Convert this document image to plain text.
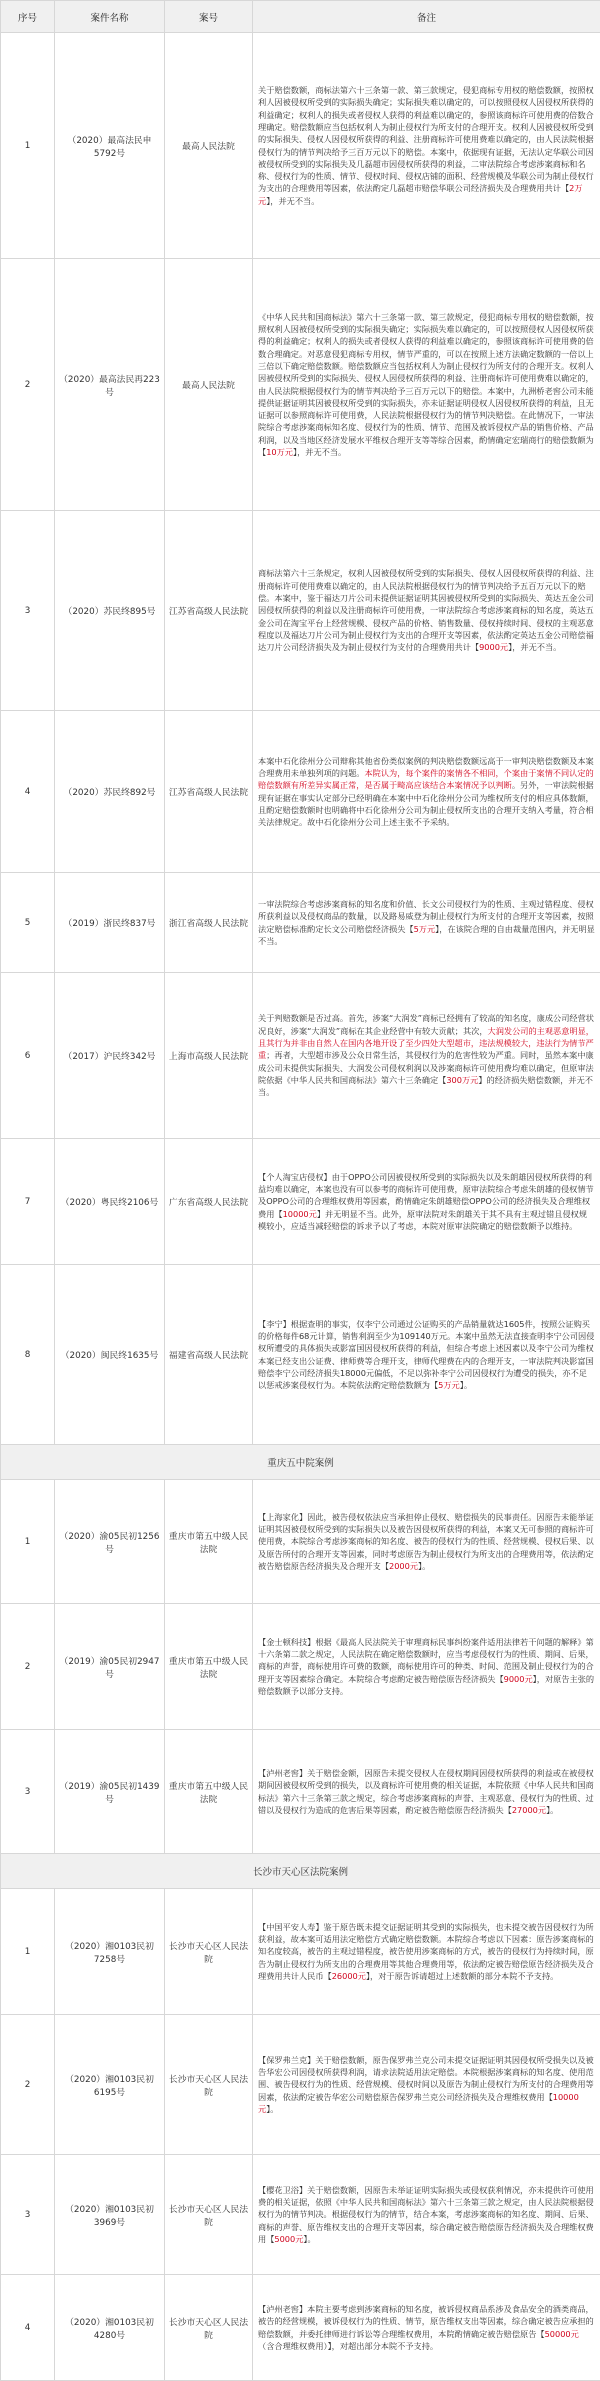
序号	案件名称	案号	备注
1	（2020）最高法民申5792号	最高人民法院	关于赔偿数额，商标法第六十三条第一款、第三款规定，侵犯商标专用权的赔偿数额，按照权利人因被侵权所受到的实际损失确定；实际损失难以确定的，可以按照侵权人因侵权所获得的利益确定；权利人的损失或者侵权人获得的利益难以确定的，参照该商标许可使用费的倍数合理确定。赔偿数额应当包括权利人为制止侵权行为所支付的合理开支。权利人因被侵权所受到的实际损失、侵权人因侵权所获得的利益、注册商标许可使用费难以确定的，由人民法院根据侵权行为的情节判决给予三百万元以下的赔偿。本案中，依据现有证据，无法认定华联公司因被侵权所受到的实际损失及几磊超市因侵权所获得的利益，二审法院综合考虑涉案商标和名称、侵权行为的性质、情节、侵权时间、侵权店铺的面积、经营规模及华联公司为制止侵权行为支出的合理费用等因素，依法酌定几磊超市赔偿华联公司经济损失及合理费用共计【2万元】，并无不当。
2	（2020）最高法民再223号	最高人民法院	《中华人民共和国商标法》第六十三条第一款、第三款规定，侵犯商标专用权的赔偿数额，按照权利人因被侵权所受到的实际损失确定；实际损失难以确定的，可以按照侵权人因侵权所获得的利益确定；权利人的损失或者侵权人获得的利益难以确定的，参照该商标许可使用费的倍数合理确定。对恶意侵犯商标专用权，情节严重的，可以在按照上述方法确定数额的一倍以上三倍以下确定赔偿数额。赔偿数额应当包括权利人为制止侵权行为所支付的合理开支。权利人因被侵权所受到的实际损失、侵权人因侵权所获得的利益、注册商标许可使用费难以确定的，由人民法院根据侵权行为的情节判决给予三百万元以下的赔偿。本案中，九洲桥老窖公司未能提供证据证明其因被侵权所受到的实际损失，亦未证据证明侵权人因侵权所获得的利益，且无证据可以参照商标许可使用费，人民法院根据侵权行为的情节判决赔偿。在此情况下，一审法院综合考虑涉案商标知名度、侵权行为的性质、情节、范围及被诉侵权产品的销售价格、产品利润，以及当地区经济发展水平维权合理开支等等综合因素，酌情确定宏瑞商行的赔偿数额为【10万元】，并无不当。
3	（2020）苏民终895号	江苏省高级人民法院	商标法第六十三条规定，权利人因被侵权所受到的实际损失、侵权人因侵权所获得的利益、注册商标许可使用费难以确定的，由人民法院根据侵权行为的情节判决给予五百万元以下的赔偿。本案中，鉴于福达刀片公司未提供证据证明其因被侵权所受到的实际损失、英达五金公司因侵权所获得的利益以及注册商标许可使用费，一审法院综合考虑涉案商标的知名度，英达五金公司在淘宝平台上经营规模、侵权产品的价格、销售数量、侵权持续时间、侵权的主观恶意程度以及福达刀片公司为制止侵权行为支出的合理开支等因素，依法酌定英达五金公司赔偿福达刀片公司经济损失及为制止侵权行为支付的合理费用共计【9000元】，并无不当。
4	（2020）苏民终892号	江苏省高级人民法院	本案中石化徐州分公司辩称其他省份类似案例的判决赔偿数额远高于一审判决赔偿数额及本案合理费用未单独列项的问题。本院认为，每个案件的案情各不相同，个案由于案情不同认定的赔偿数额有所差异实属正常，是否属于畸高应该结合本案情况予以判断。另外，一审法院根据现有证据在事实认定部分已经明确在本案中中石化徐州分公司为维权所支付的相应具体数额，且酌定赔偿数额时也明确将中石化徐州分公司为制止侵权所支出的合理开支纳入考量，符合相关法律规定。故中石化徐州分公司上述主张不予采纳。
5	（2019）浙民终837号	浙江省高级人民法院	一审法院综合考虑涉案商标的知名度和价值、长文公司侵权行为的性质、主观过错程度、侵权所获利益以及侵权商品的数量，以及路易威登为制止侵权行为所支付的合理开支等因素，按照法定赔偿标准酌定长文公司赔偿经济损失【5万元】，在该院合理的自由裁量范围内，并无明显不当。
6	（2017）沪民终342号	上海市高级人民法院	关于判赔数额是否过高。首先，涉案“大润发”商标已经拥有了较高的知名度，康成公司经营状况良好，涉案“大润发”商标在其企业经营中有较大贡献；其次，大润发公司的主观恶意明显，且其行为并非由自然人在国内各地开设了至少四处大型超市，违法规模较大，违法行为情节严重；再者，大型超市涉及公众日常生活，其侵权行为的危害性较为严重。同时，虽然本案中康成公司未提供实际损失、大润发公司侵权利润以及涉案商标许可使用费均难以确定，但原审法院依据《中华人民共和国商标法》第六十三条确定【300万元】的经济损失赔偿数额，并无不当。
7	（2020）粤民终2106号	广东省高级人民法院	【个人淘宝店侵权】由于OPPO公司因被侵权所受到的实际损失以及朱朗雄因侵权所获得的利益均难以确定，本案也没有可以参考的商标许可使用费，原审法院综合考虑朱朗雄的侵权情节及OPPO公司的合理维权费用等因素，酌情确定朱朗雄赔偿OPPO公司的经济损失及合理维权费用【10000元】并无明显不当。此外，原审法院对朱朗雄关于其不具有主观过错且侵权规模较小，应适当减轻赔偿的诉求予以了考虑，本院对原审法院确定的赔偿数额予以维持。
8	（2020）闽民终1635号	福建省高级人民法院	【李宁】根据查明的事实，仅李宁公司通过公证购买的产品销量就达1605件，按照公证购买的价格每件68元计算，销售利润至少为109140万元。本案中虽然无法直接查明李宁公司因侵权所遭受的具体损失或影富国因侵权所获得的利益，但综合考虑上述因素以及李宁公司为维权本案已经支出公证费、律师费等合理开支，律师代理费在内的合理开支，一审法院判决影富国赔偿李宁公司经济损失18000元偏低，不足以弥补李宁公司因侵权行为遭受的损失，亦不足以惩戒涉案侵权行为。本院依法酌定赔偿数额为【5万元】。
重庆五中院案例			
1	（2020）渝05民初1256号	重庆市第五中级人民法院	【上海家化】因此，被告侵权依法应当承担停止侵权、赔偿损失的民事责任。因原告未能举证证明其因被侵权所受到的实际损失以及被告因侵权所获得的利益，本案又无可参照的商标许可使用费，本院综合考虑涉案商标的知名度、被告的侵权行为的性质、经营规模、侵权后果、以及原告所付的合理开支等因素，同时考虑原告为制止侵权行为所支出的合理费用等，依法酌定被告赔偿原告经济损失及合理开支【2000元】。
2	（2019）渝05民初2947号	重庆市第五中级人民法院	【金士顿科技】根据《最高人民法院关于审理商标民事纠纷案件适用法律若干问题的解释》第十六条第二款之规定，人民法院在确定赔偿数额时，应当考虑侵权行为的性质、期间、后果，商标的声誉，商标使用许可费的数额，商标使用许可的种类、时间、范围及制止侵权行为的合理开支等因素综合确定。本院综合考虑酌定被告赔偿原告经济损失【9000元】，对原告主张的赔偿数额予以部分支持。
3	（2019）渝05民初1439号	重庆市第五中级人民法院	【泸州老窖】关于赔偿金额，因原告未提交侵权人在侵权期间因侵权所获得的利益或在被侵权期间因被侵权所受到的损失，以及商标许可使用费的相关证据，本院依照《中华人民共和国商标法》第六十三条第三款之规定，综合考虑涉案商标的声誉、主观恶意、侵权行为的性质、过错以及侵权行为造成的危害后果等因素，酌定被告赔偿原告经济损失【27000元】。
长沙市天心区法院案例			
1	（2020）湘0103民初7258号	长沙市天心区人民法院	【中国平安人寿】鉴于原告既未提交证据证明其受到的实际损失，也未提交被告因侵权行为所获利益，故本案可适用法定赔偿方式确定赔偿数额。本院综合考虑以下因素：原告涉案商标的知名度较高，被告的主观过错程度，被告使用涉案商标的方式，被告的侵权行为持续时间，原告为制止侵权行为所支出的合理费用等其他合理费用等，依法酌定被告赔偿原告经济损失及合理费用共计人民币【26000元】，对于原告诉请超过上述数额的部分本院不予支持。
2	（2020）湘0103民初6195号	长沙市天心区人民法院	【保罗弗兰克】关于赔偿数额，原告保罗弗兰克公司未提交证据证明其因侵权所受损失以及被告华宏公司因侵权所获得利润，请求法院适用法定赔偿。本院根据涉案商标的知名度、使用范围、被告侵权行为的性质、经营规模、侵权时间以及原告为制止侵权行为所支付的合理费用等因素，依法酌定被告华宏公司赔偿原告保罗弗兰克公司经济损失及合理维权费用【10000元】。
3	（2020）湘0103民初3969号	长沙市天心区人民法院	【樱花卫浴】关于赔偿数额，因原告未举证证明实际损失或侵权获利情况，亦未提供许可使用费的相关证据，依照《中华人民共和国商标法》第六十三条第三款之规定，由人民法院根据侵权行为的情节判决。根据侵权行为的情节，结合本案，考虑涉案商标的知名度、期间、后果、商标的声誉、原告维权支出的合理开支等因素，综合确定被告赔偿原告经济损失及合理维权费用【5000元】。
4	（2020）湘0103民初4280号	长沙市天心区人民法院	【泸州老窖】本院主要考虑到涉案商标的知名度，被诉侵权商品系涉及食品安全的酒类商品，被告的经营规模，被诉侵权行为的性质、情节，原告维权支出等因素，综合确定被告应承担的赔偿数额，并委托律师进行诉讼等合理维权费用，本院酌情确定被告赔偿原告【50000元（含合理维权费用）】，对超出部分本院不予支持。
